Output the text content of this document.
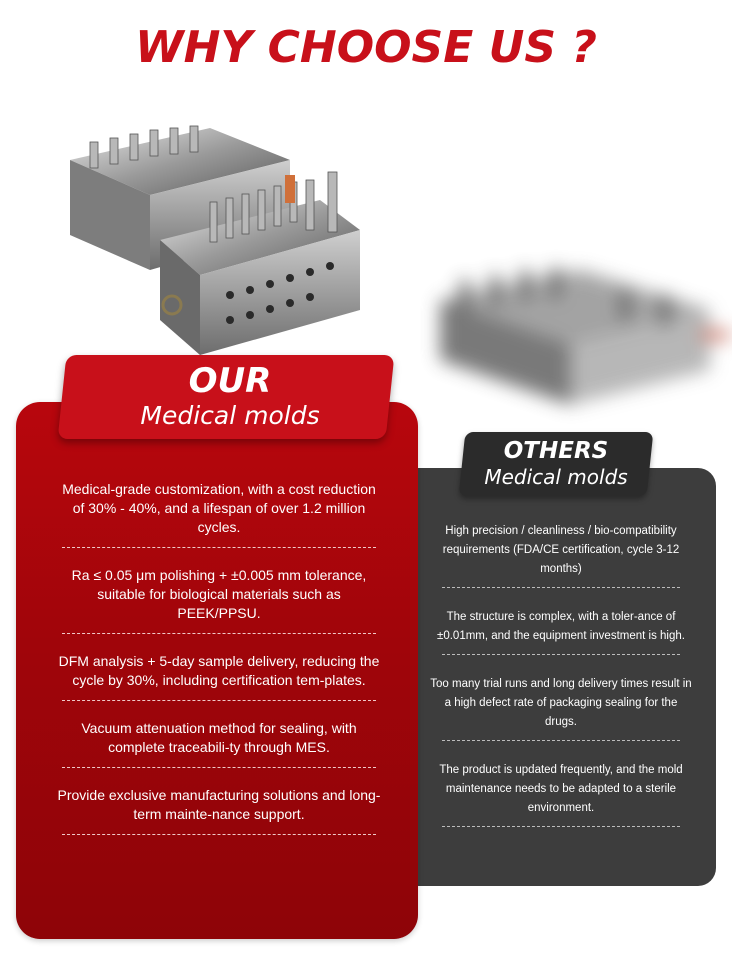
WHY CHOOSE US ?
OTHERS
Medical molds
High precision / cleanliness / bio-compatibility requirements (FDA/CE certification, cycle 3-12 months)
The structure is complex, with a toler-ance of ±0.01mm, and the equipment investment is high.
Too many trial runs and long delivery times result in a high defect rate of packaging sealing for the drugs.
The product is updated frequently, and the mold maintenance needs to be adapted to a sterile environment.
OUR
Medical molds
Medical-grade customization, with a cost reduction of 30% - 40%, and a lifespan of over 1.2 million cycles.
Ra ≤ 0.05 μm polishing + ±0.005 mm tolerance, suitable for biological materials such as PEEK/PPSU.
DFM analysis + 5-day sample delivery, reducing the cycle by 30%, including certification tem-plates.
Vacuum attenuation method for sealing, with complete traceabili-ty through MES.
Provide exclusive manufacturing solutions and long-term mainte-nance support.
